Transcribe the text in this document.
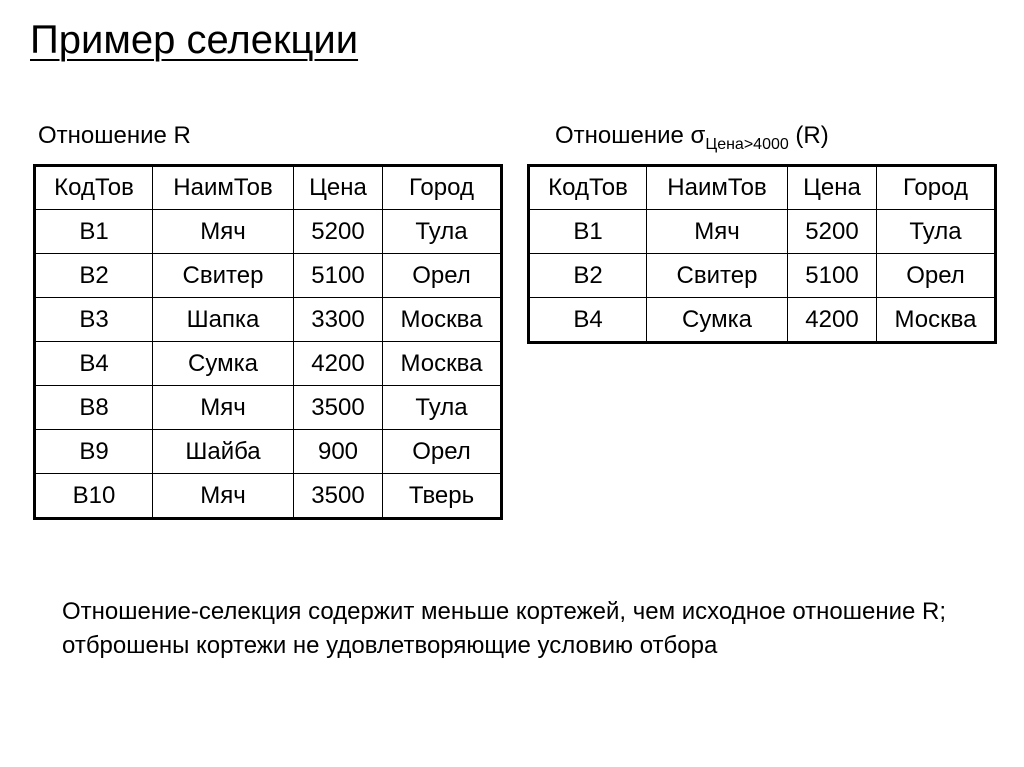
Пример селекции
Отношение R	Отношение $\sigma_{Цена>4000}$ (R)
КодТов	НаимТов	Цена	Город
В1	Мяч	5200	Тула
В2	Свитер	5100	Орел
В3	Шапка	3300	Москва
В4	Сумка	4200	Москва
В8	Мяч	3500	Тула
В9	Шайба	900	Орел
В10	Мяч	3500	Тверь
КодТов	НаимТов	Цена	Город
В1	Мяч	5200	Тула
В2	Свитер	5100	Орел
В4	Сумка	4200	Москва
Отношение-селекция содержит меньше кортежей, чем исходное отношение R; отброшены кортежи не удовлетворяющие условию отбора
